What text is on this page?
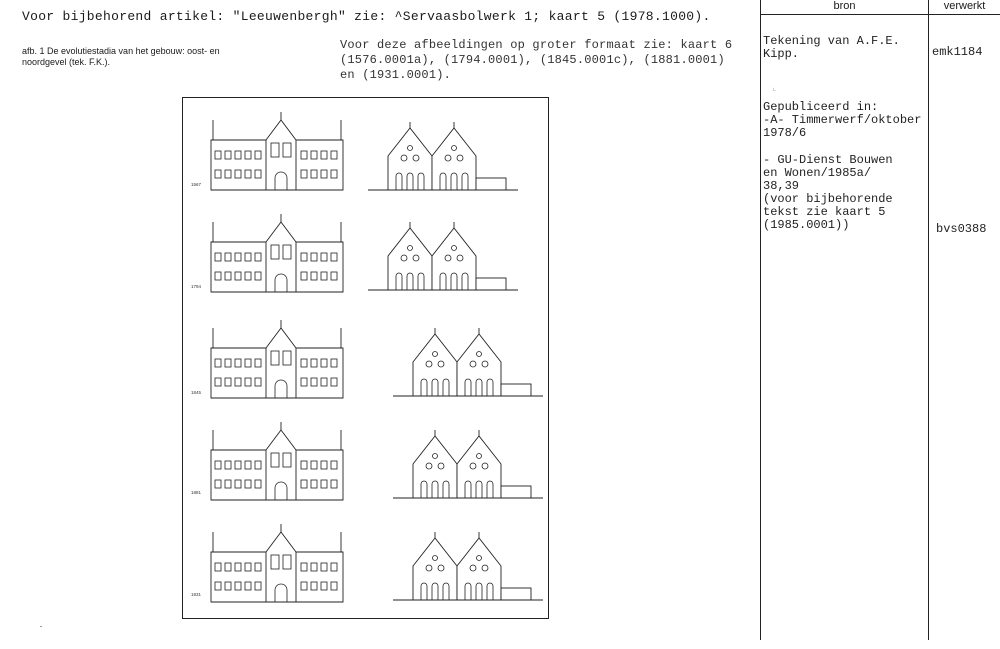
Voor bijbehorend artikel: "Leeuwenbergh" zie: ^Servaasbolwerk 1; kaart 5 (1978.1000).
afb. 1 De evolutiestadia van het gebouw: oost- en
noordgevel (tek. F.K.).
Voor deze afbeeldingen op groter formaat zie: kaart 6
(1576.0001a), (1794.0001), (1845.0001c), (1881.0001)
en (1931.0001).
1567
1794
1845
1881
1931
bron	verwerkt
Tekening van A.F.E.
Kipp.	emk1184
⌞
Gepubliceerd in:
-A- Timmerwerf/oktober
1978/6
- GU-Dienst Bouwen
en Wonen/1985a/
38,39
(voor bijbehorende
tekst zie kaart 5
(1985.0001))	bvs0388
